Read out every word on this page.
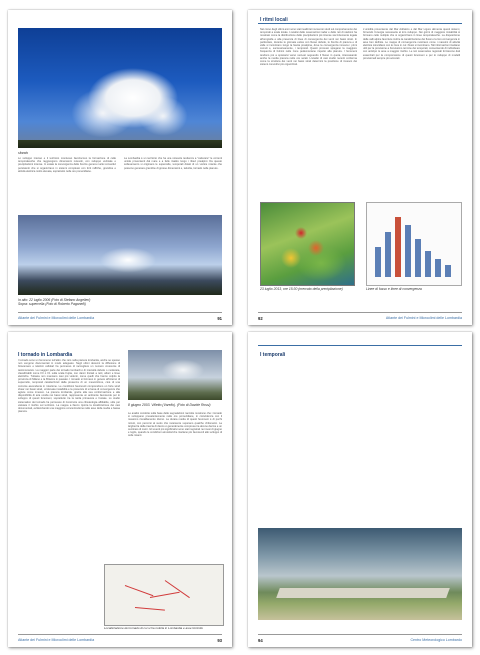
sfondo
Lo sviluppo intenso e il territorio montuoso favoriscono la formazione di celle temporalesche che raggiungono dimensioni notevoli, con sviluppo verticale e precipitazioni intense. In estate la convergenza delle brezze genera nuclei convettivi persistenti che si organizzano in sistemi complessi con forti raffiche, grandine e attività elettrica molto elevata, soprattutto nelle ore pomeridiane.
La Lombardia è un territorio che ha una notevole tendenza a "catturare" le correnti umide provenienti dal mare e a farle risalire lungo i rilievi prealpini. Da questo sollevamento si originano le supercelle, temporali dotati di un vortice rotante che possono generare grandine di grosse dimensioni e, talvolta, tornado nelle pianure.
In alto: 22 luglio 2006 (Foto di Stefano Angelieri)
Sopra: supercella (Foto di Roberto Paganelli)
Atlante dei Fulmini e Microclimi delle Lombardia	91
I ritmi locali
Nel corso degli ultimi anni sono stati realizzati numerosi studi sul comportamento dei temporali a scala locale. L'analisi delle osservazioni radar e delle reti di stazioni ha mostrato come la distribuzione delle precipitazioni più intense sia fortemente legata all'orografia e alla presenza di linee di convergenza dei venti nei bassi strati. In particolare, durante le giornate estive con flusso debole, le brezze di pianura e di valle si incontrano lungo la fascia prealpina, dove la convergenza innesca i primi cumuli e, successivamente, i temporali. Questi processi spiegano la maggiore frequenza di fulmini nelle zone pedemontane rispetto alla pianura. I fenomeni tendono poi a spostarsi verso sud-est seguendo il flusso in quota, interessando anche la media pianura nelle ore serali. L'analisi di casi studio recenti conferma come la struttura dei venti nei bassi strati determini la posizione di innesco dei sistemi convettivi più organizzati.
L'umidità proveniente dal Mar Adriatico e dal Mar Ligure alimenta questi sistemi, fornendo l'energia necessaria al loro sviluppo. Nei giorni di maggiore instabilità si formano celle multiple che si organizzano in linee temporalesche. La disposizione delle valli alpine favorisce inoltre la canalizzazione dei flussi e la loro convergenza in aree ben definite. Le mappe di convergenza mostrano come i massimi di attività elettrica coincidano con le zone in cui i flussi si incontrano. Tali informazioni risultano utili per la previsione a brevissimo termine dei temporali, consentendo di individuare con anticipo le aree a maggior rischio. Le reti osservative regionali forniscono dati essenziali per la comprensione di questi fenomeni e per lo sviluppo di modelli previsionali sempre più accurati.
23 luglio 2013, ore 15:30 (mercato della precipitazione)	Linee di fusso e linee di convergenza
92	Atlante dei Fulmini e Microclimi delle Lombardia
I tornado in Lombardia
I tornado sono un fenomeno tutt'altro che raro nella pianura lombarda, anche se spesso non vengono documentati in modo adeguato. Negli ultimi decenni la diffusione di fotocamere e telefoni cellulari ha permesso di raccogliere un numero crescente di testimonianze. La maggior parte dei tornado lombardi è di intensità debole o moderata, classificabili come F0 o F1 sulla scala Fujita, con danni limitati a tetti, alberi e linee elettriche. Tuttavia non mancano casi più violenti, come quelli che hanno colpito la provincia di Milano e la Brianza in passato. I tornado si formano in genere all'interno di supercelle, temporali caratterizzati dalla presenza di un mesociclone, cioè di una corrente ascendente in rotazione. Le condizioni favorevoli comprendono un forte wind shear nei bassi strati, un'elevata instabilità e la presenza di un'area di convergenza che agisce come innesco. La pianura lombarda, grazie alla sua conformazione e alla disponibilità di aria umida nei bassi strati, rappresenta un ambiente favorevole per lo sviluppo di questi fenomeni, soprattutto tra la tarda primavera e l'estate. Lo studio sistematico dei tornado ha permesso di ricostruire una climatologia affidabile, utile per valutare il rischio sul territorio. La mappa a fianco riporta la localizzazione dei casi documentati, evidenziando una maggiore concentrazione nelle aree della media e bassa pianura.
8 giugno 2003. Villetto (Varello). (Foto di Davide Rossi)
Le analisi condotte sulla base delle segnalazioni raccolte mostrano che i tornado si sviluppano prevalentemente nelle ore pomeridiane, in coincidenza con il massimo riscaldamento diurno. La durata media di questi fenomeni è di pochi minuti, con percorsi al suolo che raramente superano qualche chilometro. La larghezza della traccia di danno è generalmente compresa tra alcune decine e un centinaio di metri. Gli eventi più significativi sono stati registrati nei mesi di giugno e luglio, quando le condizioni atmosferiche risultano più favorevoli allo sviluppo di celle rotanti.
Localizzazione dei tornado di cui si ha notizia in Lombardia e aree limitrofe
Atlante dei Fulmini e Microclimi delle Lombardia	93
I temporali
94	Centro Meteorologico Lombardo
